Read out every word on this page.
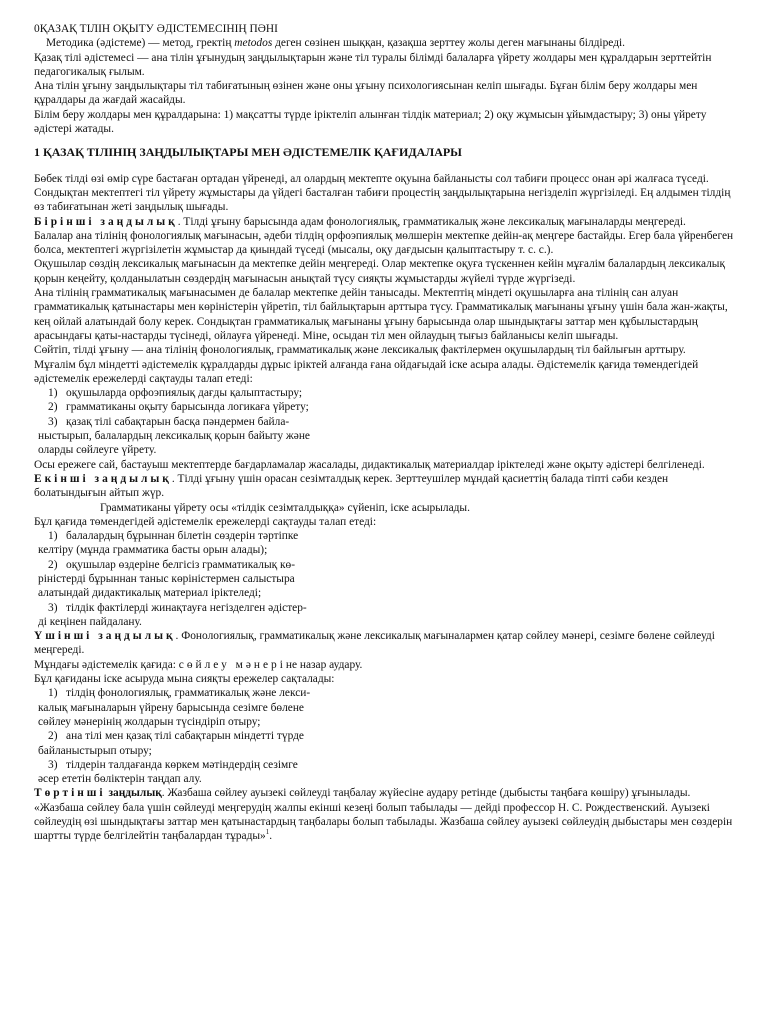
0ҚАЗАҚ ТІЛІН ОҚЫТУ ӘДІСТЕМЕСІНІҢ ПӘНІ

Методика (әдістеме) — метод, гректің metodos деген сөзінен шыққан, қазақша зерттеу жолы деген мағынаны білдіреді.

Қазақ тілі әдістемесі — ана тілін ұғынудың заңдылықтарын және тіл туралы білімді балаларға үйрету жолдары мен құралдарын зерттейтін педагогикалық ғылым.

Ана тілін ұғыну заңдылықтары тіл табиғатының өзінен және оны ұғыну психологиясынан келіп шығады. Бұған білім беру жолдары мен құралдары да жағдай жасайды.

Білім беру жолдары мен құралдарына: 1) мақсатты түрде іріктеліп алынған тілдік материал; 2) оқу жұмысын ұйымдастыру; 3) оны үйрету әдістері жатады.

1 ҚАЗАҚ ТІЛІНІҢ ЗАҢДЫЛЫҚТАРЫ МЕН ӘДІСТЕМЕЛІК ҚАҒИДАЛАРЫ

Бөбек тілді өзі өмір сүре бастаған ортадан үйренеді, ал олардың мектепте оқуына байланысты сол табиғи процесс онан әрі жалғаса түседі. Сондықтан мектептегі тіл үйрету жұмыстары да үйдегі басталған табиғи процестің заңдылықтарына негізделіп жүргізіледі. Ең алдымен тілдің өз табиғатынан жеті заңдылық шығады.

Бірінші заңдылық. Тілді ұғыну барысында адам фонологиялық, грамматикалық және лексикалық мағыналарды меңгереді.

Балалар ана тілінің фонологиялық мағынасын, әдеби тілдің орфоэпиялық мөлшерін мектепке дейін-ақ меңгере бастайды. Егер бала үйренбеген болса, мектептегі жүргізілетін жұмыстар да қиындай түседі (мысалы, оқу дағдысын қалыптастыру т. с. с.).

Оқушылар сөздің лексикалық мағынасын да мектепке дейін меңгереді. Олар мектепке оқуға түскеннен кейін мұғалім балалардың лексикалық қорын кеңейту, қолданылатын сөздердің мағынасын анықтай түсу сияқты жұмыстарды жүйелі түрде жүргізеді.

Ана тілінің грамматикалық мағынасымен де балалар мектепке дейін танысады. Мектептің міндеті оқушыларға ана тілінің сан алуан грамматикалық қатынастары мен көріністерін үйретіп, тіл байлықтарын арттыра түсу. Грамматикалық мағынаны ұғыну үшін бала жан-жақты, кең ойлай алатындай болу керек. Сондықтан грамматикалық мағынаны ұғыну барысында олар шындықтағы заттар мен құбылыстардың арасындағы қаты-настарды түсінеді, ойлауға үйренеді. Міне, осыдан тіл мен ойлаудың тығыз байланысы келіп шығады.

Сөйтіп, тілді ұғыну — ана тілінің фонологиялық, грамматикалық және лексикалық фактілермен оқушылардың тіл байлығын арттыру.

Мұғалім бұл міндетті әдістемелік құралдарды дұрыс іріктей алғанда ғана ойдағыдай іске асыра алады. Әдістемелік қағида төмендегідей әдістемелік ережелерді сақтауды талап етеді:

1) оқушыларда орфоэпиялық дағды қалыптастыру;
2) грамматиканы оқыту барысында логикаға үйрету;
3) қазақ тілі сабақтарын басқа пәндермен байла-
ныстырып, балалардың лексикалық қорын байыту және
оларды сөйлеуге үйрету.

Осы ережеге сай, бастауыш мектептерде бағдарламалар жасалады, дидактикалық материалдар іріктеледі және оқыту әдістері белгіленеді.

Екінші заңдылық. Тілді ұғыну үшін орасан сезімталдық керек. Зерттеушілер мұндай қасиеттің балада тіпті сәби кезден болатындығын айтып жүр.

Грамматиканы үйрету осы «тілдік сезімталдыққа» сүйеніп, іске асырылады.

Бұл қағида төмендегідей әдістемелік ережелерді сақтауды талап етеді:

1) балалардың бұрыннан білетін сөздерін тәртіпке
келтіру (мұнда грамматика басты орын алады);
2) оқушылар өздеріне белгісіз грамматикалық кө-
ріністерді бұрыннан таныс көріністермен салыстыра
алатындай дидактикалық материал іріктеледі;
3) тілдік фактілерді жинақтауға негізделген әдістер-
ді кеңінен пайдалану.

Үшінші заңдылық. Фонологиялық, грамматикалық және лексикалық мағыналармен қатар сөйлеу мәнері, сезімге бөлене сөйлеуді меңгереді.

Мұндағы әдістемелік қағида: сөйлеу мәнеріне назар аудару.

Бұл қағиданы іске асыруда мына сияқты ережелер сақталады:

1) тілдің фонологиялық, грамматикалық және лекси-
калық мағыналарын үйрену барысында сезімге бөлене
сөйлеу мәнерінің жолдарын түсіндіріп отыру;
2) ана тілі мен қазақ тілі сабақтарын міндетті түрде
байланыстырып отыру;
3) тілдерін талдағанда көркем мәтіндердің сезімге
әсер ететін бөліктерін таңдап алу.

Төртінші заңдылық. Жазбаша сөйлеу ауызекі сөйлеуді таңбалау жүйесіне аудару ретінде (дыбысты таңбаға көшіру) ұғынылады.

«Жазбаша сөйлеу бала үшін сөйлеуді меңгерудің жалпы екінші кезеңі болып табылады — дейді профессор Н. С. Рождественский. Ауызекі сөйлеудің өзі шындықтағы заттар мен қатынастардың таңбалары болып табылады. Жазбаша сөйлеу ауызекі сөйлеудің дыбыстары мен сөздерін шартты түрде белгілейтін таңбалардан тұрады»$^1$.
